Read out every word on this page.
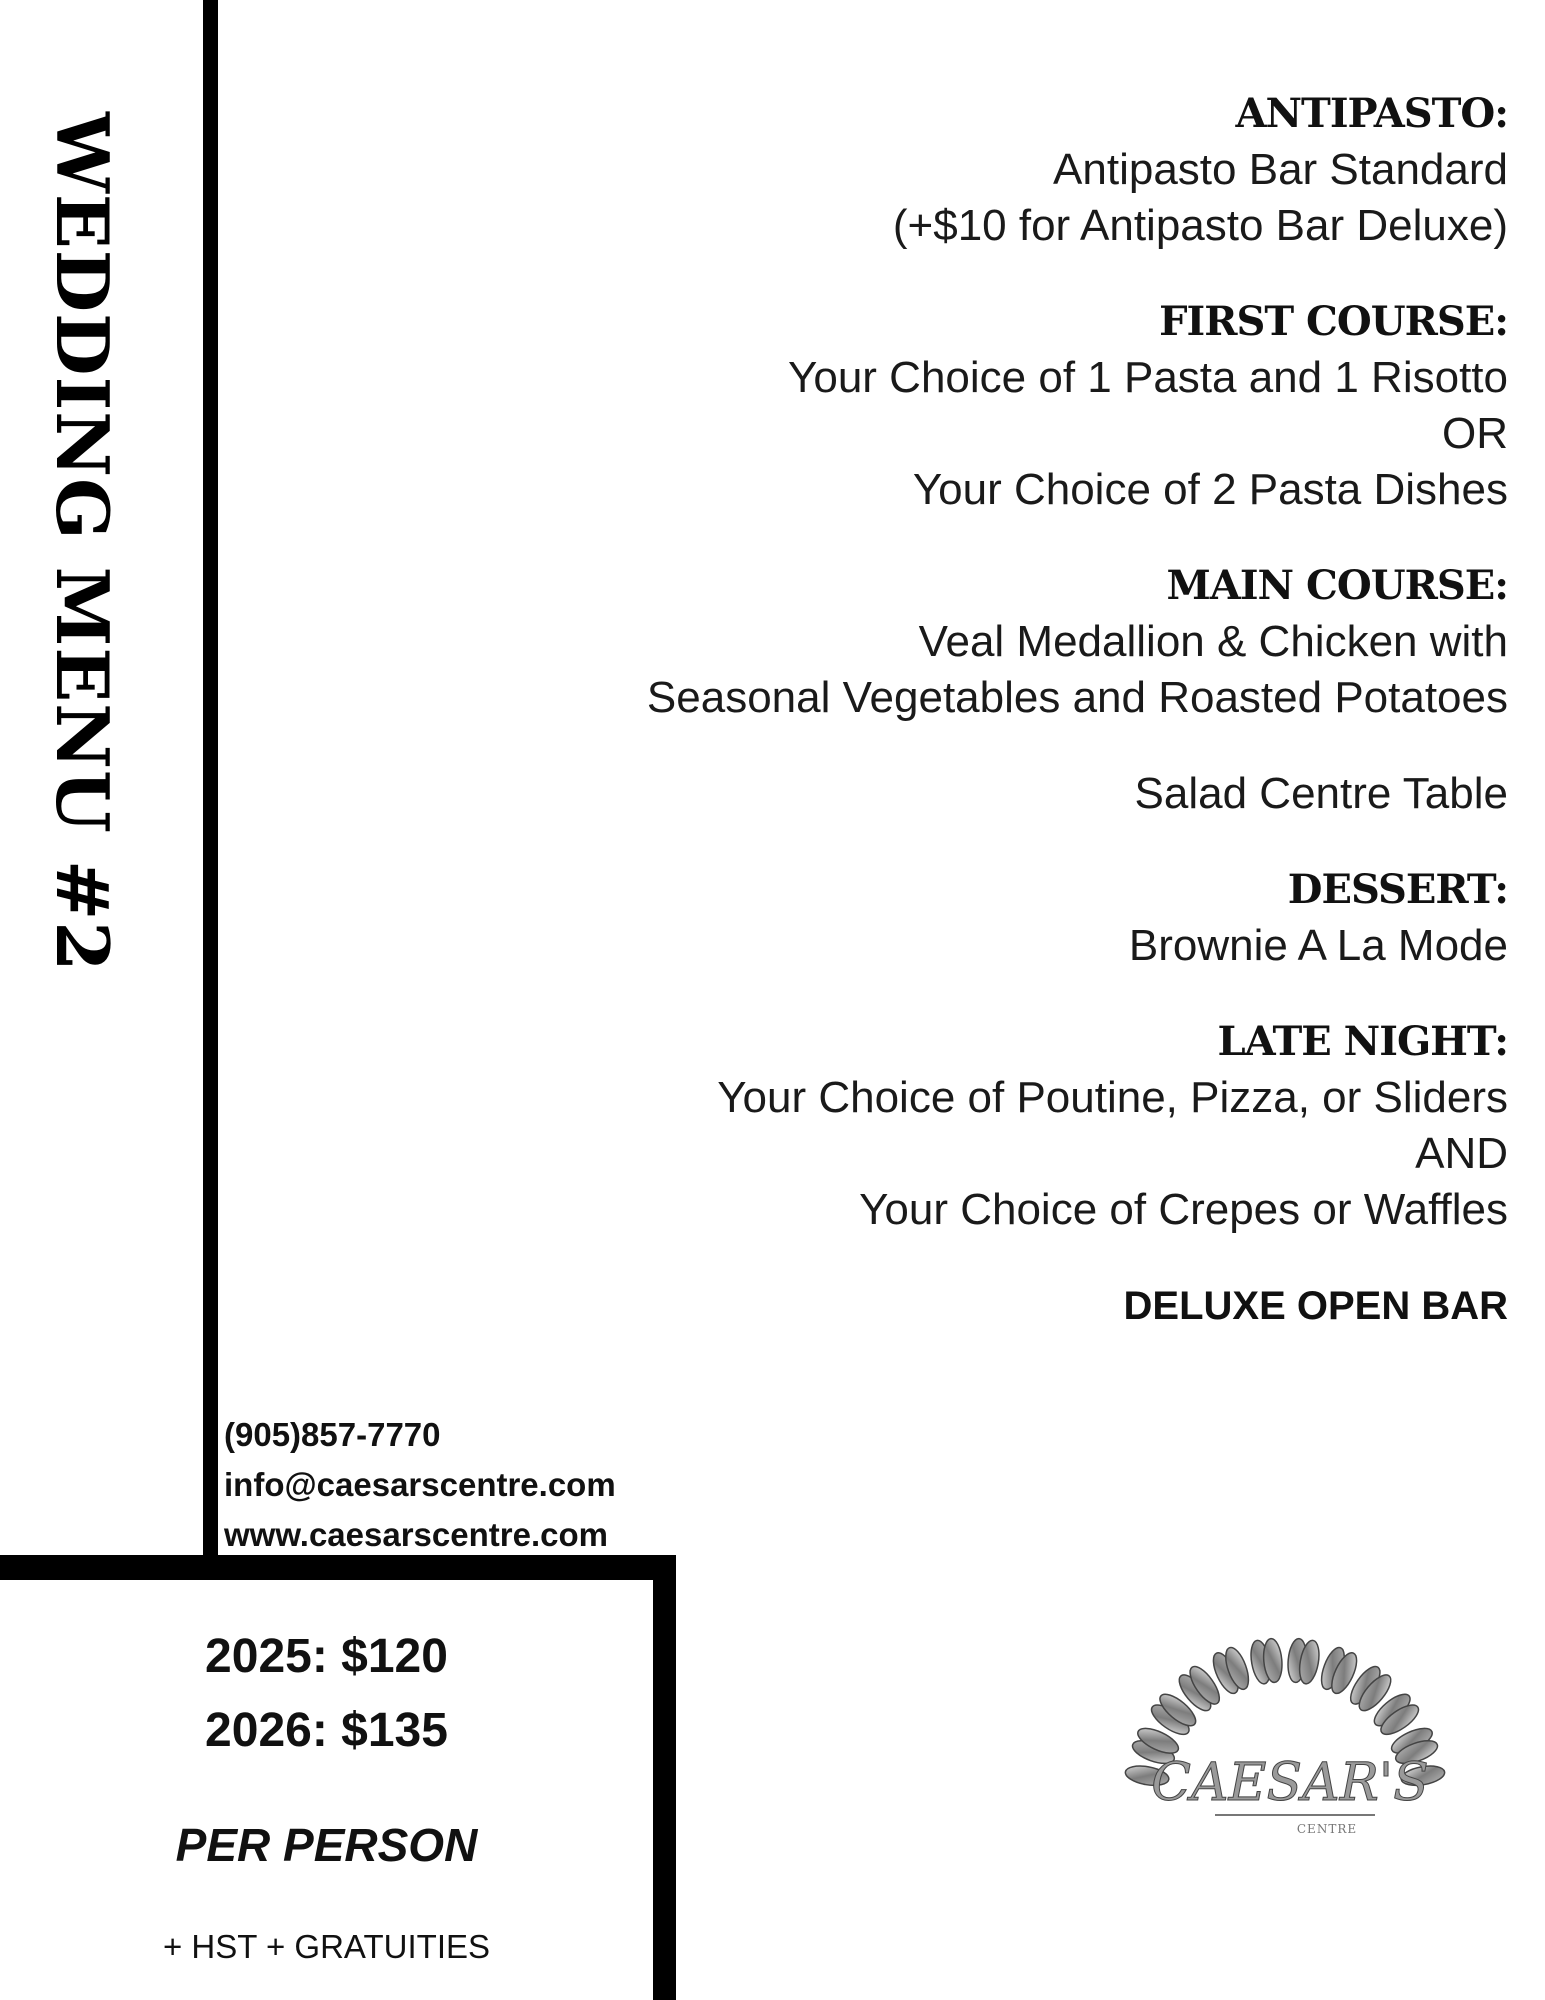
WEDDING MENU #2	ANTIPASTO:
Antipasto Bar Standard
(+$10 for Antipasto Bar Deluxe)
FIRST COURSE:
Your Choice of 1 Pasta and 1 Risotto
OR
Your Choice of 2 Pasta Dishes
MAIN COURSE:
Veal Medallion & Chicken with
Seasonal Vegetables and Roasted Potatoes
Salad Centre Table
DESSERT:
Brownie A La Mode
LATE NIGHT:
Your Choice of Poutine, Pizza, or Sliders
AND
Your Choice of Crepes or Waffles
DELUXE OPEN BAR
(905)857-7770
info@caesarscentre.com
www.caesarscentre.com
2025: $120
2026: $135
PER PERSON
+ HST + GRATUITIES
CAESAR'S
CENTRE
